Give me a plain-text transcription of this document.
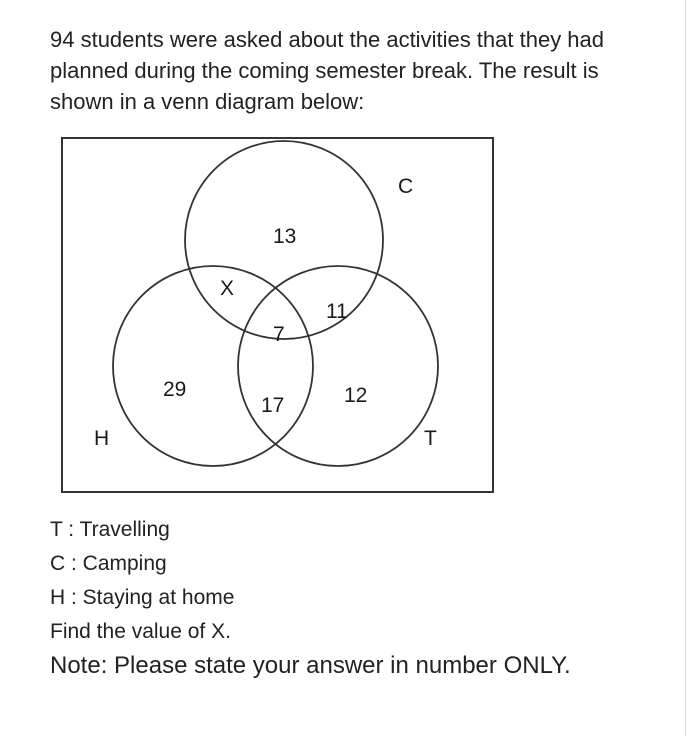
94 students were asked about the activities that they had planned during the coming semester break. The result is shown in a venn diagram below:

C
H	T
13
X
11
7
29
17	12
T : Travelling
C : Camping
H : Staying at home
Find the value of X.

Note: Please state your answer in number ONLY.
